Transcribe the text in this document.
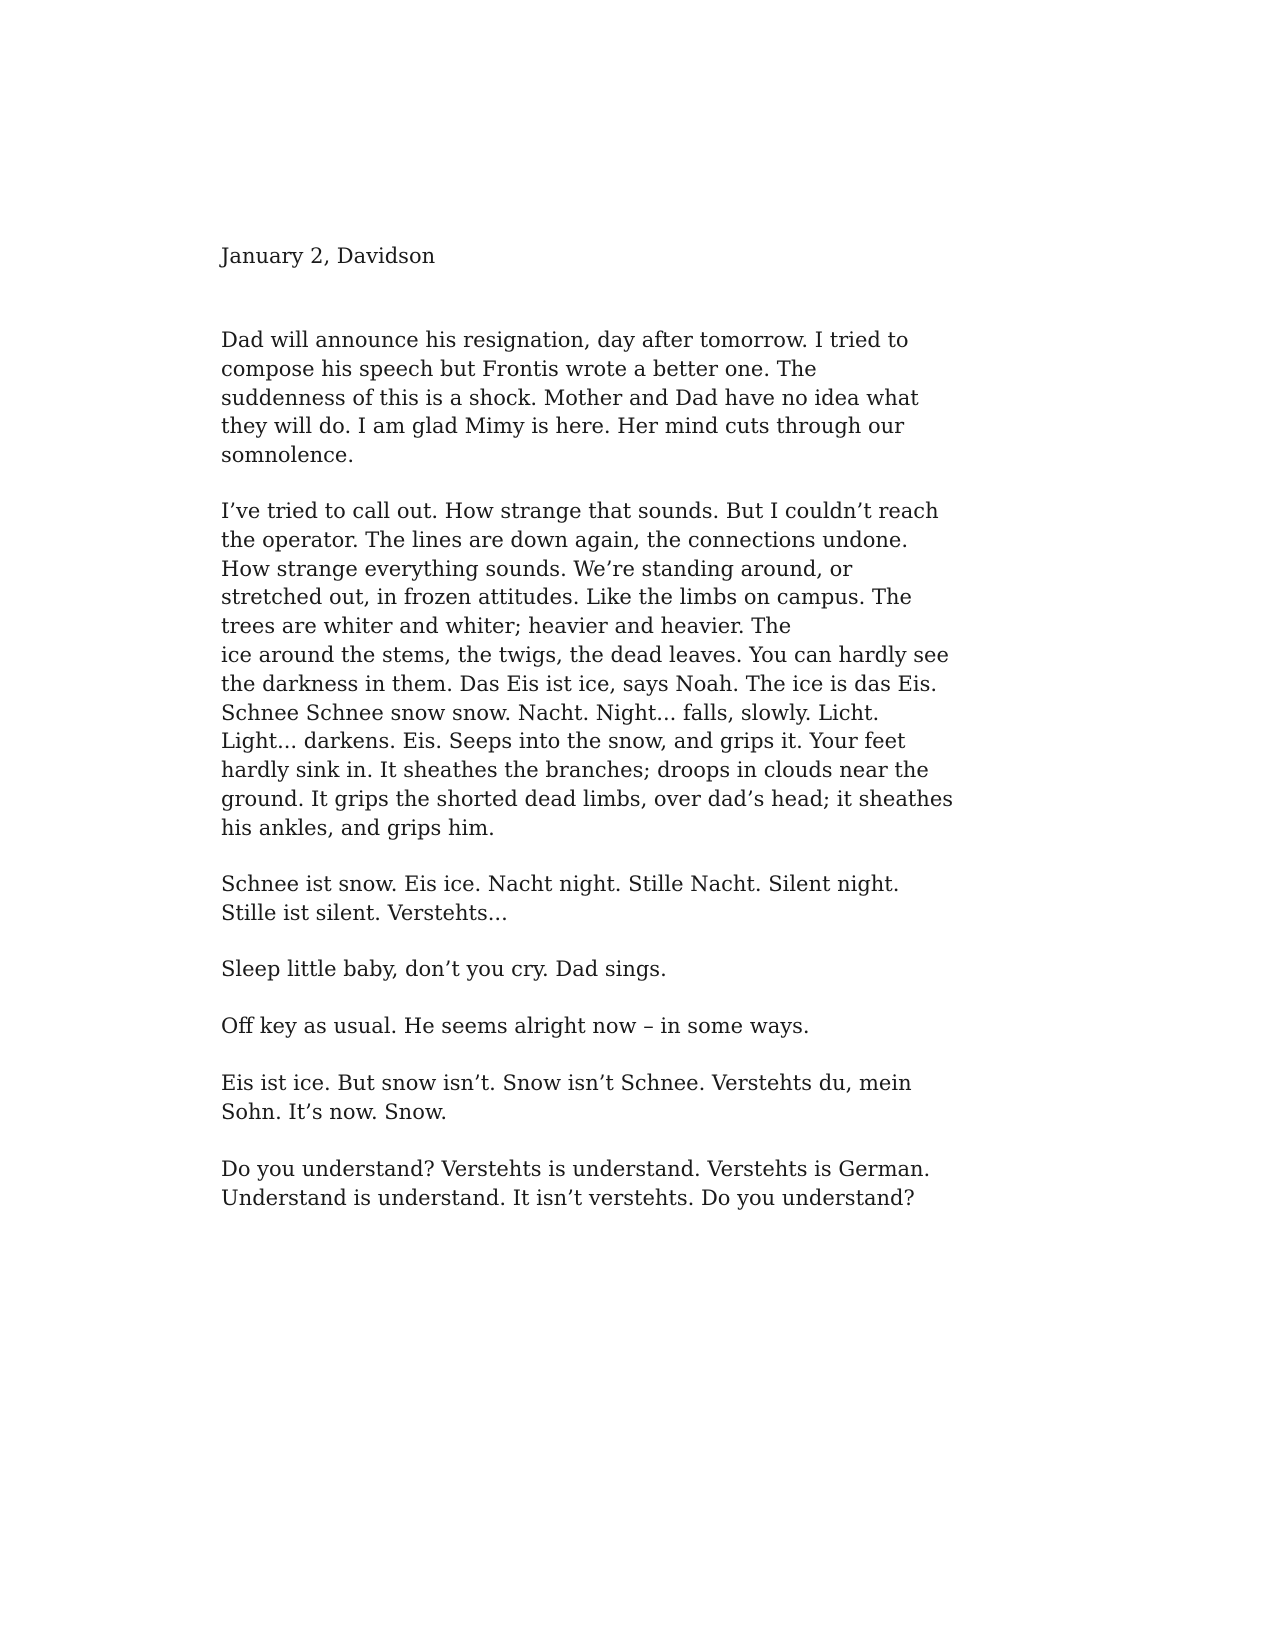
January 2, Davidson

Dad will announce his resignation, day after tomorrow. I tried to
compose his speech but Frontis wrote a better one. The
suddenness of this is a shock. Mother and Dad have no idea what
they will do. I am glad Mimy is here. Her mind cuts through our
somnolence.

I’ve tried to call out. How strange that sounds. But I couldn’t reach
the operator. The lines are down again, the connections undone.
How strange everything sounds. We’re standing around, or
stretched out, in frozen attitudes. Like the limbs on campus. The
trees are whiter and whiter; heavier and heavier. The
ice around the stems, the twigs, the dead leaves. You can hardly see
the darkness in them. Das Eis ist ice, says Noah. The ice is das Eis.
Schnee Schnee snow snow. Nacht. Night... falls, slowly. Licht.
Light... darkens. Eis. Seeps into the snow, and grips it. Your feet
hardly sink in. It sheathes the branches; droops in clouds near the
ground. It grips the shorted dead limbs, over dad’s head; it sheathes
his ankles, and grips him.

Schnee ist snow. Eis ice. Nacht night. Stille Nacht. Silent night.
Stille ist silent. Verstehts...

Sleep little baby, don’t you cry. Dad sings.

Off key as usual. He seems alright now – in some ways.

Eis ist ice. But snow isn’t. Snow isn’t Schnee. Verstehts du, mein
Sohn. It’s now. Snow.

Do you understand? Verstehts is understand. Verstehts is German.
Understand is understand. It isn’t verstehts. Do you understand?
